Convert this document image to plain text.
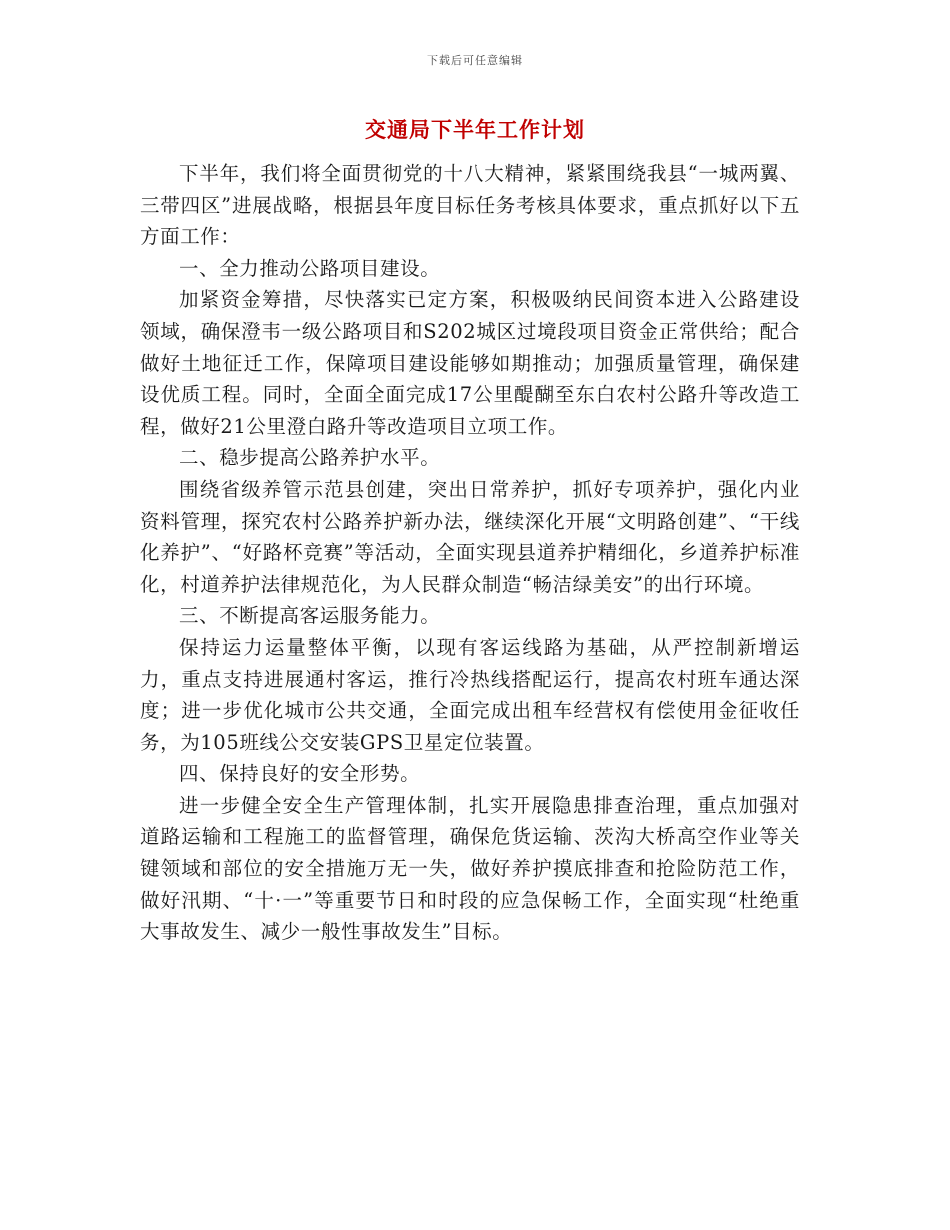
下载后可任意编辑
交通局下半年工作计划

下半年，我们将全面贯彻党的十八大精神，紧紧围绕我县“一城两翼、三带四区”进展战略，根据县年度目标任务考核具体要求，重点抓好以下五方面工作：

一、全力推动公路项目建设。

加紧资金筹措，尽快落实已定方案，积极吸纳民间资本进入公路建设领域，确保澄韦一级公路项目和S202城区过境段项目资金正常供给；配合做好土地征迁工作，保障项目建设能够如期推动；加强质量管理，确保建设优质工程。同时，全面全面完成17公里醍醐至东白农村公路升等改造工程，做好21公里澄白路升等改造项目立项工作。

二、稳步提高公路养护水平。

围绕省级养管示范县创建，突出日常养护，抓好专项养护，强化内业资料管理，探究农村公路养护新办法，继续深化开展“文明路创建”、“干线化养护”、“好路杯竞赛”等活动，全面实现县道养护精细化，乡道养护标准化，村道养护法律规范化，为人民群众制造“畅洁绿美安”的出行环境。

三、不断提高客运服务能力。

保持运力运量整体平衡，以现有客运线路为基础，从严控制新增运力，重点支持进展通村客运，推行冷热线搭配运行，提高农村班车通达深度；进一步优化城市公共交通，全面完成出租车经营权有偿使用金征收任务，为105班线公交安装GPS卫星定位装置。

四、保持良好的安全形势。

进一步健全安全生产管理体制，扎实开展隐患排查治理，重点加强对道路运输和工程施工的监督管理，确保危货运输、茨沟大桥高空作业等关键领域和部位的安全措施万无一失，做好养护摸底排查和抢险防范工作，做好汛期、“十·一”等重要节日和时段的应急保畅工作，全面实现“杜绝重大事故发生、减少一般性事故发生”目标。
